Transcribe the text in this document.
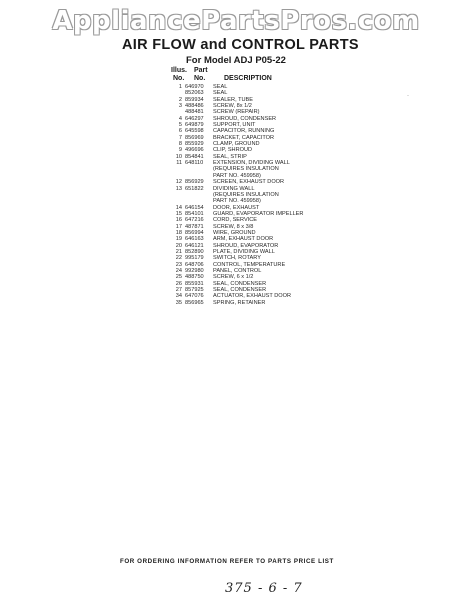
AppliancePartsPros.com
AIR FLOW and CONTROL PARTS
For Model ADJ P05-22
Illus. Part
No. No.	DESCRIPTION
1 646970	SEAL
852063	SEAL
2 859934	SEALER, TUBE
3 488486	SCREW, 8x 1/2
488481	SCREW (REPAIR)
4 646297	SHROUD, CONDENSER
5 649879	SUPPORT, UNIT
6 645598	CAPACITOR, RUNNING
7 856969	BRACKET, CAPACITOR
8 855929	CLAMP, GROUND
9 496696	CLIP, SHROUD
10 854841	SEAL, STRIP
11 648110	EXTENSION, DIVIDING WALL
(REQUIRES INSULATION
PART NO. 459958)
12 856929	SCREEN, EXHAUST DOOR
13 651822	DIVIDING WALL
(REQUIRES INSULATION
PART NO. 459958)
14 646154	DOOR, EXHAUST
15 854101	GUARD, EVAPORATOR IMPELLER
16 647216	CORD, SERVICE
17 487871	SCREW, 8 x 3/8
18 856994	WIRE, GROUND
19 646163	ARM, EXHAUST DOOR
20 646121	SHROUD, EVAPORATOR
21 852890	PLATE, DIVIDING WALL
22 995179	SWITCH, ROTARY
23 648706	CONTROL, TEMPERATURE
24 992980	PANEL, CONTROL
25 488750	SCREW, 6 x 1/2
26 855931	SEAL, CONDENSER
27 857925	SEAL, CONDENSER
34 647076	ACTUATOR, EXHAUST DOOR
35 856965	SPRING, RETAINER
·
FOR ORDERING INFORMATION REFER TO PARTS PRICE LIST
375 - 6 - 7
